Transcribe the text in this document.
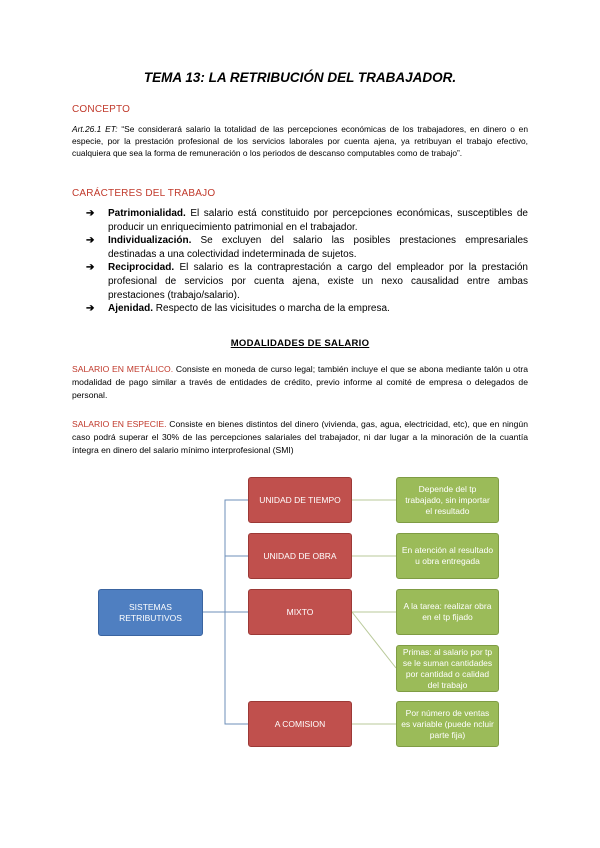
TEMA 13: LA RETRIBUCIÓN DEL TRABAJADOR.
CONCEPTO
Art.26.1 ET: “Se considerará salario la totalidad de las percepciones económicas de los trabajadores, en dinero o en especie, por la prestación profesional de los servicios laborales por cuenta ajena, ya retribuyan el trabajo efectivo, cualquiera que sea la forma de remuneración o los periodos de descanso computables como de trabajo”.
CARÁCTERES DEL TRABAJO
➔ Patrimonialidad. El salario está constituido por percepciones económicas, susceptibles de producir un enriquecimiento patrimonial en el trabajador.
➔ Individualización. Se excluyen del salario las posibles prestaciones empresariales destinadas a una colectividad indeterminada de sujetos.
➔ Reciprocidad. El salario es la contraprestación a cargo del empleador por la prestación profesional de servicios por cuenta ajena, existe un nexo causalidad entre ambas prestaciones (trabajo/salario).
➔ Ajenidad. Respecto de las vicisitudes o marcha de la empresa.
MODALIDADES DE SALARIO
SALARIO EN METÁLICO. Consiste en moneda de curso legal; también incluye el que se abona mediante talón u otra modalidad de pago similar a través de entidades de crédito, previo informe al comité de empresa o delegados de personal.
SALARIO EN ESPECIE. Consiste en bienes distintos del dinero (vivienda, gas, agua, electricidad, etc), que en ningún caso podrá superar el 30% de las percepciones salariales del trabajador, ni dar lugar a la minoración de la cuantía íntegra en dinero del salario mínimo interprofesional (SMI)
SISTEMAS RETRIBUTIVOS
UNIDAD DE TIEMPO
UNIDAD DE OBRA
MIXTO
A COMISION
Depende del tp trabajado, sin importar el resultado
En atención al resultado u obra entregada
A la tarea: realizar obra en el tp fijado
Primas: al salario por tp se le suman cantidades por cantidad o calidad del trabajo
Por número de ventas es variable (puede ncluir parte fija)
